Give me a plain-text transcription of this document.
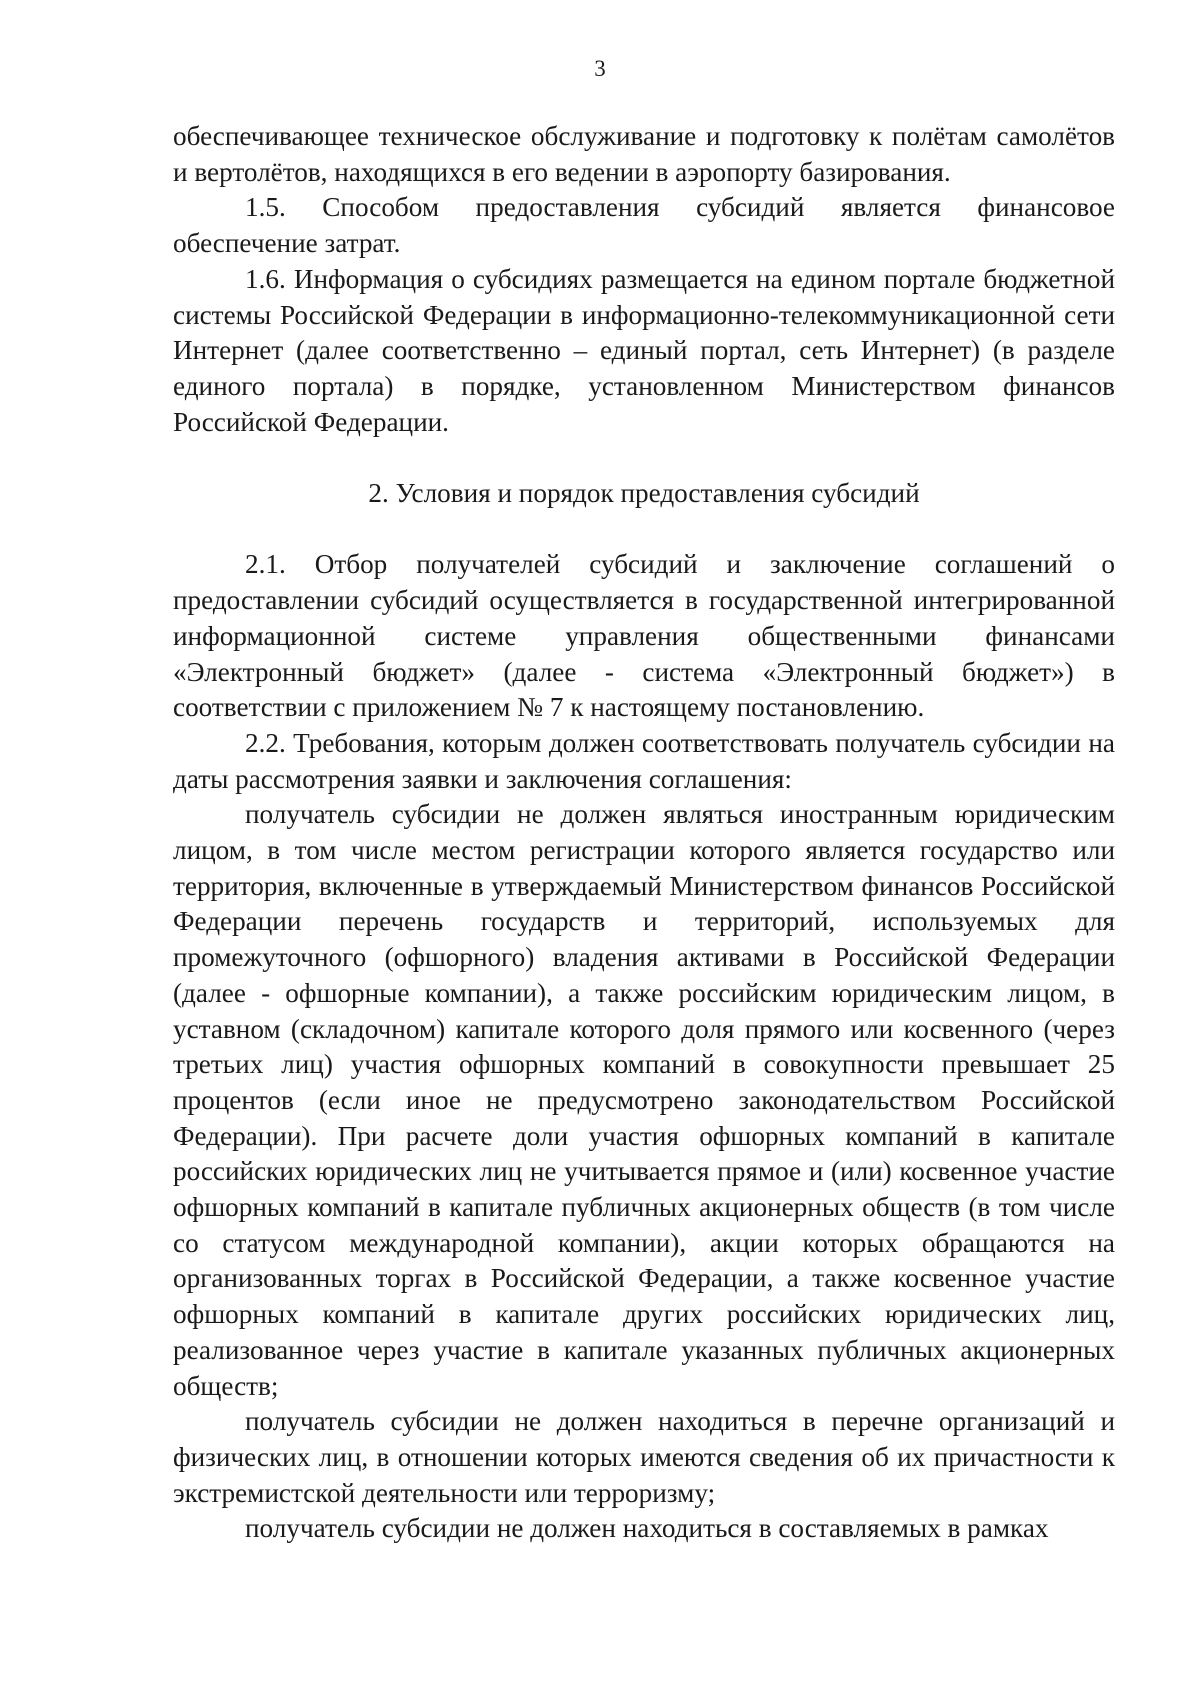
3

обеспечивающее техническое обслуживание и подготовку к полётам самолётов и вертолётов, находящихся в его ведении в аэропорту базирования.

1.5. Способом предоставления субсидий является финансовое обеспечение затрат.

1.6. Информация о субсидиях размещается на едином портале бюджетной системы Российской Федерации в информационно-телекоммуникационной сети Интернет (далее соответственно – единый портал, сеть Интернет) (в разделе единого портала) в порядке, установленном Министерством финансов Российской Федерации.

2. Условия и порядок предоставления субсидий

2.1. Отбор получателей субсидий и заключение соглашений о предоставлении субсидий осуществляется в государственной интегрированной информационной системе управления общественными финансами «Электронный бюджет» (далее - система «Электронный бюджет») в соответствии с приложением № 7 к настоящему постановлению.

2.2. Требования, которым должен соответствовать получатель субсидии на даты рассмотрения заявки и заключения соглашения:

получатель субсидии не должен являться иностранным юридическим лицом, в том числе местом регистрации которого является государство или территория, включенные в утверждаемый Министерством финансов Российской Федерации перечень государств и территорий, используемых для промежуточного (офшорного) владения активами в Российской Федерации (далее - офшорные компании), а также российским юридическим лицом, в уставном (складочном) капитале которого доля прямого или косвенного (через третьих лиц) участия офшорных компаний в совокупности превышает 25 процентов (если иное не предусмотрено законодательством Российской Федерации). При расчете доли участия офшорных компаний в капитале российских юридических лиц не учитывается прямое и (или) косвенное участие офшорных компаний в капитале публичных акционерных обществ (в том числе со статусом международной компании), акции которых обращаются на организованных торгах в Российской Федерации, а также косвенное участие офшорных компаний в капитале других российских юридических лиц, реализованное через участие в капитале указанных публичных акционерных обществ;

получатель субсидии не должен находиться в перечне организаций и физических лиц, в отношении которых имеются сведения об их причастности к экстремистской деятельности или терроризму;

получатель субсидии не должен находиться в составляемых в рамках
